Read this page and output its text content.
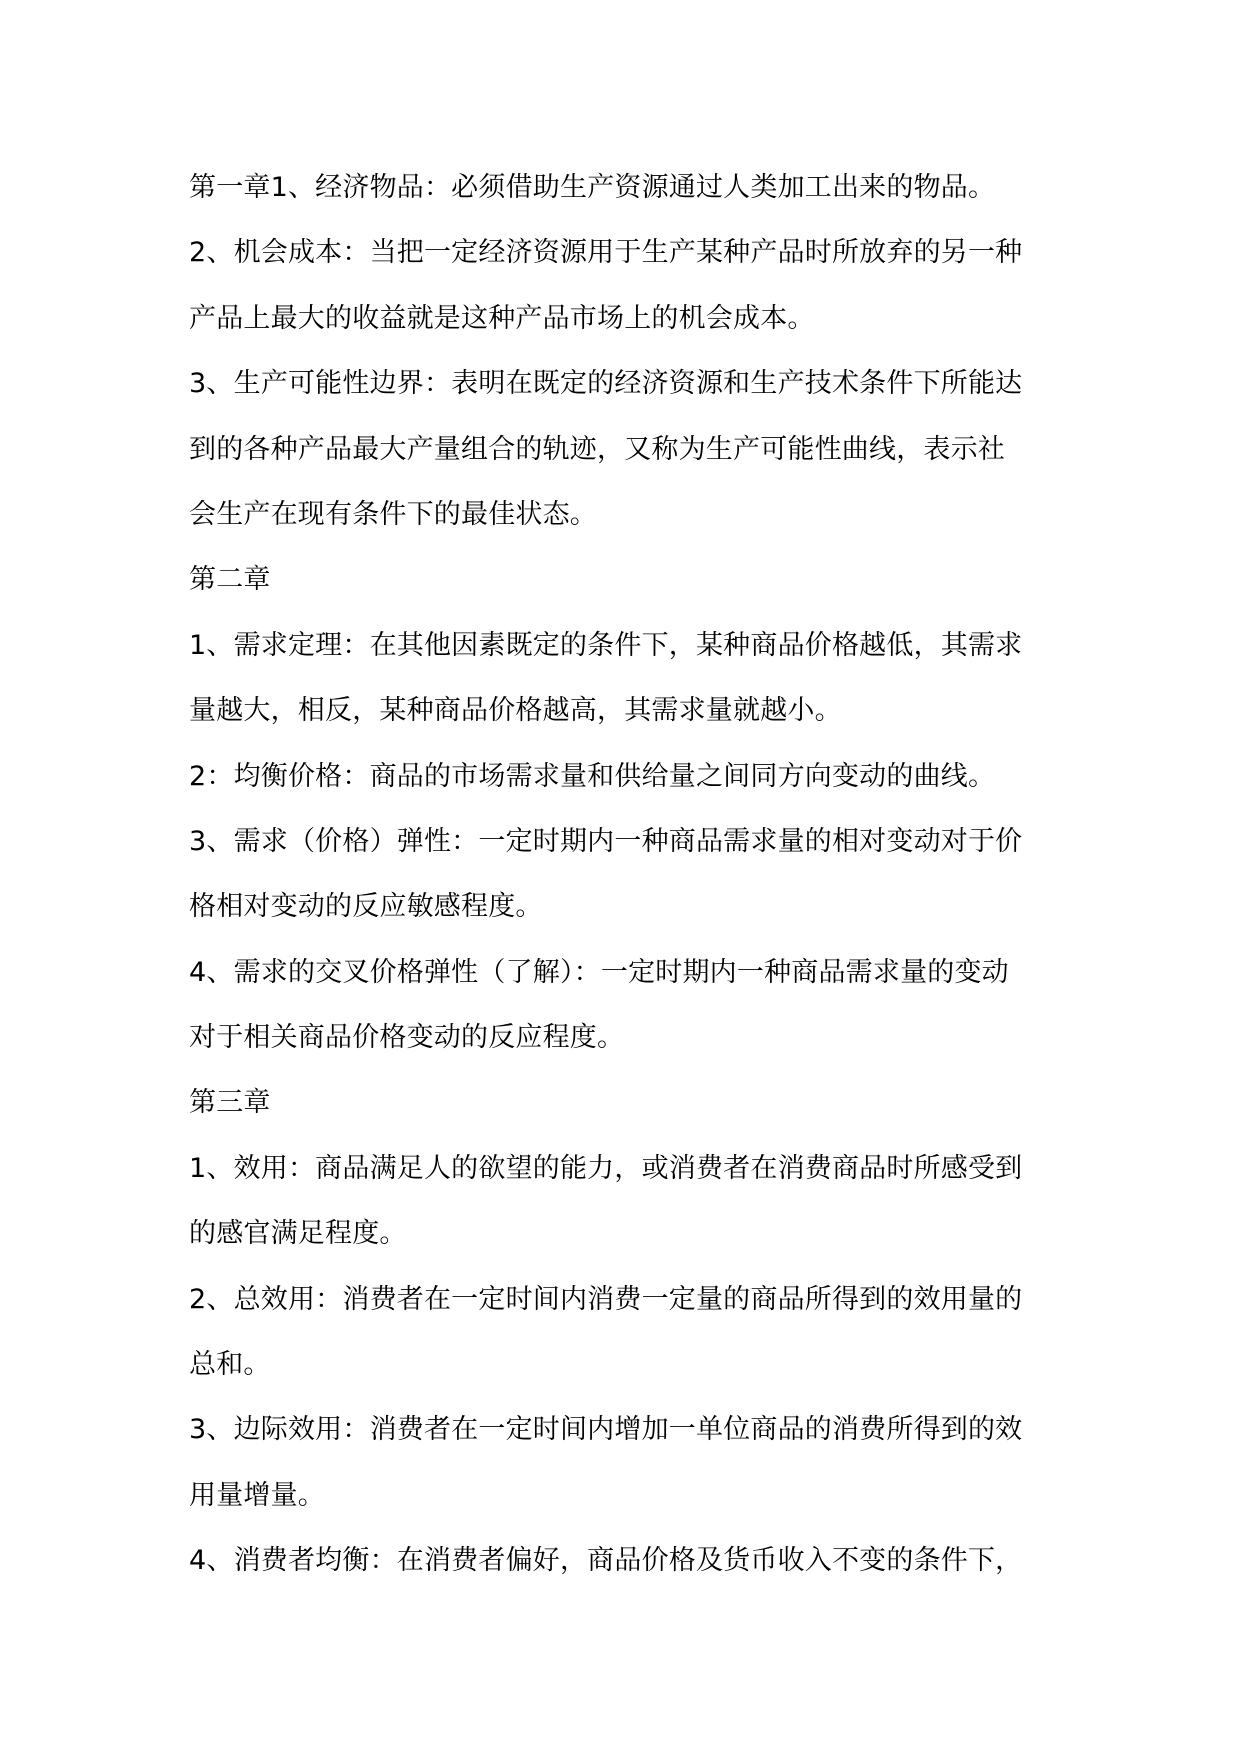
第一章1、经济物品：必须借助生产资源通过人类加工出来的物品。
2、机会成本：当把一定经济资源用于生产某种产品时所放弃的另一种
产品上最大的收益就是这种产品市场上的机会成本。
3、生产可能性边界：表明在既定的经济资源和生产技术条件下所能达
到的各种产品最大产量组合的轨迹，又称为生产可能性曲线，表示社
会生产在现有条件下的最佳状态。
第二章
1、需求定理：在其他因素既定的条件下，某种商品价格越低，其需求
量越大，相反，某种商品价格越高，其需求量就越小。
2：均衡价格：商品的市场需求量和供给量之间同方向变动的曲线。
3、需求（价格）弹性：一定时期内一种商品需求量的相对变动对于价
格相对变动的反应敏感程度。
4、需求的交叉价格弹性（了解）：一定时期内一种商品需求量的变动
对于相关商品价格变动的反应程度。
第三章
1、效用：商品满足人的欲望的能力，或消费者在消费商品时所感受到
的感官满足程度。
2、总效用：消费者在一定时间内消费一定量的商品所得到的效用量的
总和。
3、边际效用：消费者在一定时间内增加一单位商品的消费所得到的效
用量增量。
4、消费者均衡：在消费者偏好，商品价格及货币收入不变的条件下，
